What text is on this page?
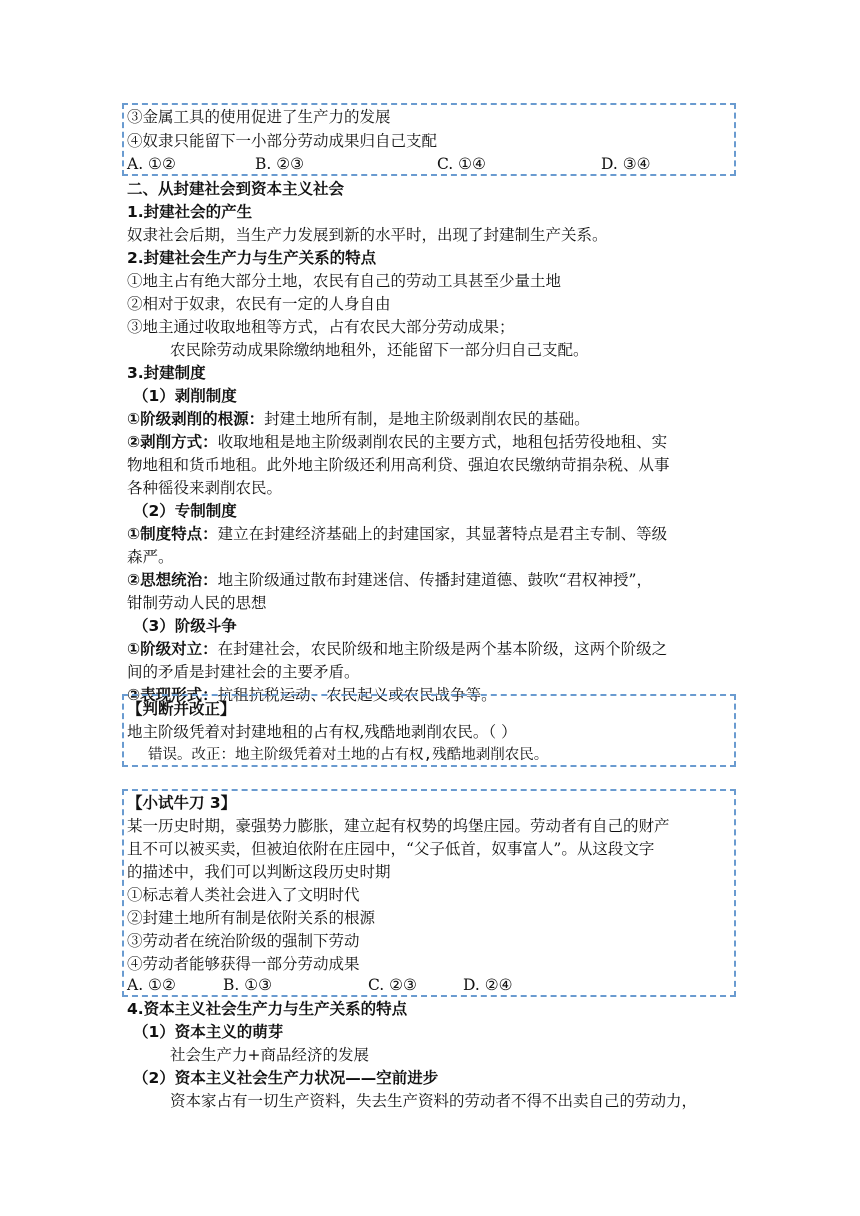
③金属工具的使用促进了生产力的发展
④奴隶只能留下一小部分劳动成果归自己支配
A. ①②	B. ②③	C. ①④	D. ③④
二、从封建社会到资本主义社会
1.封建社会的产生
奴隶社会后期，当生产力发展到新的水平时，出现了封建制生产关系。
2.封建社会生产力与生产关系的特点
①地主占有绝大部分土地，农民有自己的劳动工具甚至少量土地
②相对于奴隶，农民有一定的人身自由
③地主通过收取地租等方式，占有农民大部分劳动成果；
农民除劳动成果除缴纳地租外，还能留下一部分归自己支配。
3.封建制度
（1）剥削制度
①阶级剥削的根源：封建土地所有制，是地主阶级剥削农民的基础。
②剥削方式：收取地租是地主阶级剥削农民的主要方式，地租包括劳役地租、实
物地租和货币地租。此外地主阶级还利用高利贷、强迫农民缴纳苛捐杂税、从事
各种徭役来剥削农民。
（2）专制制度
①制度特点：建立在封建经济基础上的封建国家，其显著特点是君主专制、等级
森严。
②思想统治：地主阶级通过散布封建迷信、传播封建道德、鼓吹“君权神授”，
钳制劳动人民的思想
（3）阶级斗争
①阶级对立：在封建社会，农民阶级和地主阶级是两个基本阶级，这两个阶级之
间的矛盾是封建社会的主要矛盾。
②表现形式：抗租抗税运动、农民起义或农民战争等。
【判断并改正】
地主阶级凭着对封建地租的占有权,残酷地剥削农民。（ ）
错误。改正：地主阶级凭着对土地的占有权,残酷地剥削农民。
【小试牛刀 3】
某一历史时期，豪强势力膨胀，建立起有权势的坞堡庄园。劳动者有自己的财产
且不可以被买卖，但被迫依附在庄园中，“父子低首，奴事富人”。从这段文字
的描述中，我们可以判断这段历史时期
①标志着人类社会进入了文明时代
②封建土地所有制是依附关系的根源
③劳动者在统治阶级的强制下劳动
④劳动者能够获得一部分劳动成果
A. ①②	B. ①③	C. ②③	D. ②④
4.资本主义社会生产力与生产关系的特点
（1）资本主义的萌芽
社会生产力+商品经济的发展
（2）资本主义社会生产力状况——空前进步
资本家占有一切生产资料，失去生产资料的劳动者不得不出卖自己的劳动力，
